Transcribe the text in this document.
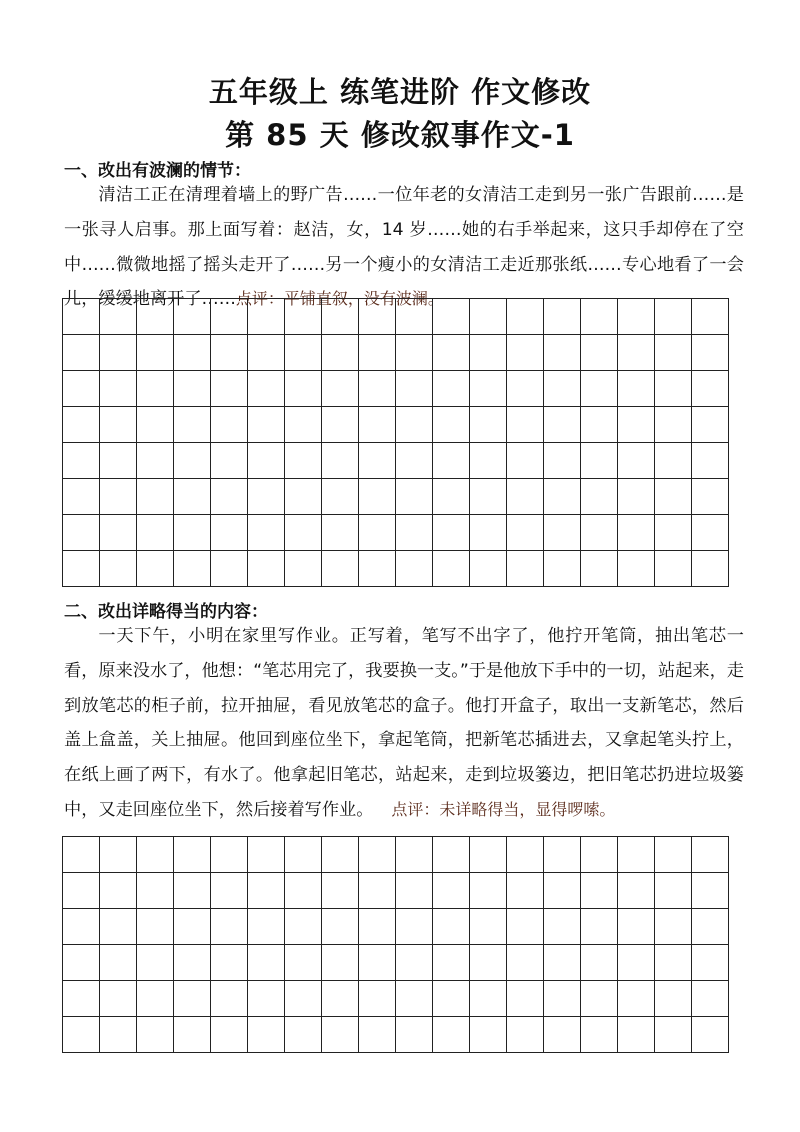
五年级上 练笔进阶 作文修改
第 85 天 修改叙事作文-1
一、改出有波澜的情节：

清洁工正在清理着墙上的野广告……一位年老的女清洁工走到另一张广告跟前……是一张寻人启事。那上面写着：赵洁，女，14 岁……她的右手举起来，这只手却停在了空中……微微地摇了摇头走开了……另一个瘦小的女清洁工走近那张纸……专心地看了一会儿，缓缓地离开了……点评：平铺直叙，没有波澜。

二、改出详略得当的内容：

一天下午，小明在家里写作业。正写着，笔写不出字了，他拧开笔筒，抽出笔芯一看，原来没水了，他想：“笔芯用完了，我要换一支。”于是他放下手中的一切，站起来，走到放笔芯的柜子前，拉开抽屉，看见放笔芯的盒子。他打开盒子，取出一支新笔芯，然后盖上盒盖，关上抽屉。他回到座位坐下，拿起笔筒，把新笔芯插进去，又拿起笔头拧上，在纸上画了两下，有水了。他拿起旧笔芯，站起来，走到垃圾篓边，把旧笔芯扔进垃圾篓中，又走回座位坐下，然后接着写作业。 点评：未详略得当，显得啰嗦。
